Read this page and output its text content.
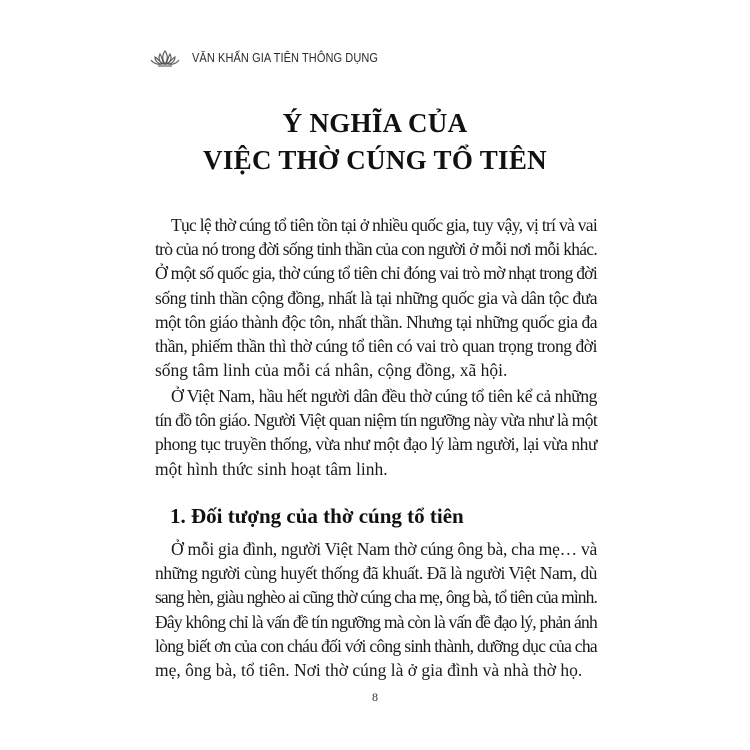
VĂN KHẤN GIA TIÊN THÔNG DỤNG
Ý NGHĨA CỦA
VIỆC THỜ CÚNG TỔ TIÊN
Tục lệ thờ cúng tổ tiên tồn tại ở nhiều quốc gia, tuy vậy, vị trí và vai
trò của nó trong đời sống tinh thần của con người ở mỗi nơi mỗi khác.
Ở một số quốc gia, thờ cúng tổ tiên chỉ đóng vai trò mờ nhạt trong đời
sống tinh thần cộng đồng, nhất là tại những quốc gia và dân tộc đưa
một tôn giáo thành độc tôn, nhất thần. Nhưng tại những quốc gia đa
thần, phiếm thần thì thờ cúng tổ tiên có vai trò quan trọng trong đời
sống tâm linh của mỗi cá nhân, cộng đồng, xã hội.
Ở Việt Nam, hầu hết người dân đều thờ cúng tổ tiên kể cả những
tín đồ tôn giáo. Người Việt quan niệm tín ngưỡng này vừa như là một
phong tục truyền thống, vừa như một đạo lý làm người, lại vừa như
một hình thức sinh hoạt tâm linh.
1. Đối tượng của thờ cúng tổ tiên
Ở mỗi gia đình, người Việt Nam thờ cúng ông bà, cha mẹ… và
những người cùng huyết thống đã khuất. Đã là người Việt Nam, dù
sang hèn, giàu nghèo ai cũng thờ cúng cha mẹ, ông bà, tổ tiên của mình.
Đây không chỉ là vấn đề tín ngưỡng mà còn là vấn đề đạo lý, phản ánh
lòng biết ơn của con cháu đối với công sinh thành, dưỡng dục của cha
mẹ, ông bà, tổ tiên. Nơi thờ cúng là ở gia đình và nhà thờ họ.
8
